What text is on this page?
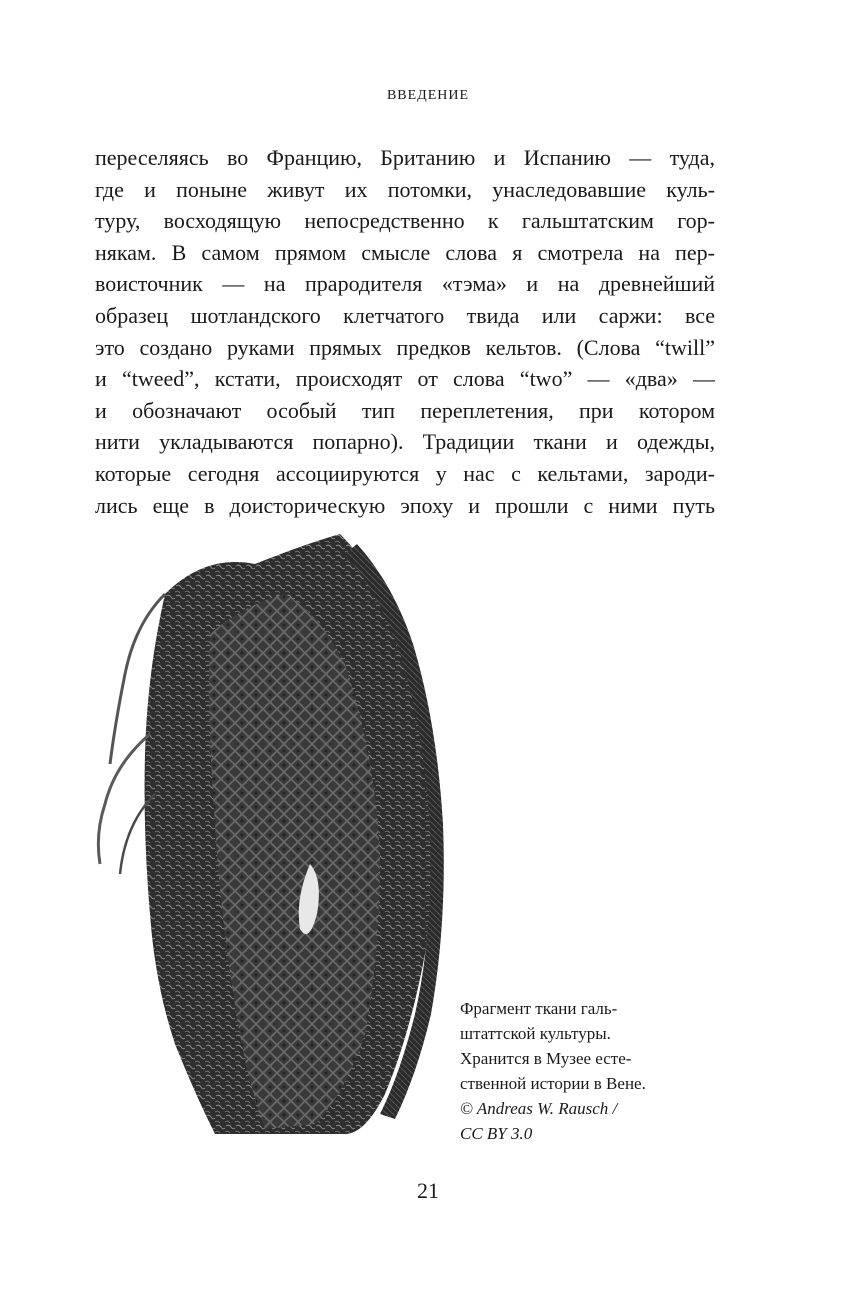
ВВЕДЕНИЕ
переселяясь во Францию, Британию и Испанию — туда,
где и поныне живут их потомки, унаследовавшие куль-
туру, восходящую непосредственно к гальштатским гор-
някам. В самом прямом смысле слова я смотрела на пер-
воисточник — на прародителя «тэма» и на древнейший
образец шотландского клетчатого твида или саржи: все
это создано руками прямых предков кельтов. (Слова “twill”
и “tweed”, кстати, происходят от слова “two” — «два» —
и обозначают особый тип переплетения, при котором
нити укладываются попарно). Традиции ткани и одежды,
которые сегодня ассоциируются у нас с кельтами, зароди-
лись еще в доисторическую эпоху и прошли с ними путь
Фрагмент ткани галь-
штаттской культуры.
Хранится в Музее есте-
ственной истории в Вене.
© Andreas W. Rausch /
CC BY 3.0
21
